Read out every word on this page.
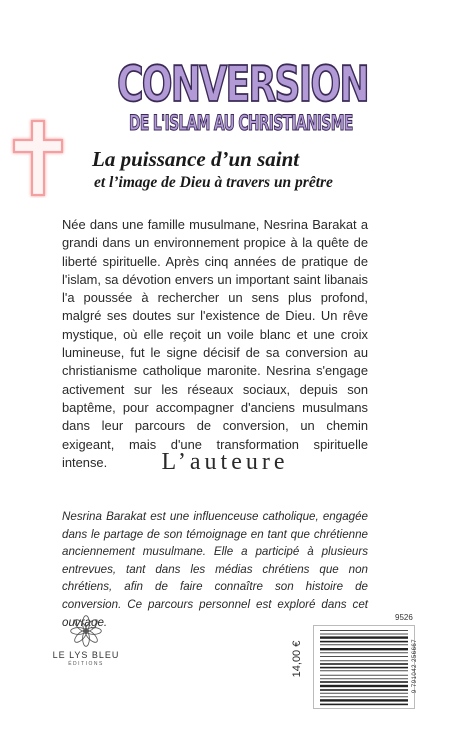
CONVERSION
DE L'ISLAM AU CHRISTIANISME
La puissance d’un saint
et l’image de Dieu à travers un prêtre

Née dans une famille musulmane, Nesrina Barakat a grandi dans un environnement propice à la quête de liberté spirituelle. Après cinq années de pratique de l'islam, sa dévotion envers un important saint libanais l'a poussée à rechercher un sens plus profond, malgré ses doutes sur l'existence de Dieu. Un rêve mystique, où elle reçoit un voile blanc et une croix lumineuse, fut le signe décisif de sa conversion au christianisme catholique maronite. Nesrina s'engage activement sur les réseaux sociaux, depuis son baptême, pour accompagner d'anciens musulmans dans leur parcours de conversion, un chemin exigeant, mais d'une transformation spirituelle intense.	L’auteure

Nesrina Barakat est une influenceuse catholique, engagée dans le partage de son témoignage en tant que chrétienne anciennement musulmane. Elle a participé à plusieurs entrevues, tant dans les médias chrétiens que non chrétiens, afin de faire connaître son histoire de conversion. Ce parcours personnel est exploré dans cet ouvrage.

LE LYS BLEU
ÉDITIONS	14,00 €
9526
9 791042 256667
